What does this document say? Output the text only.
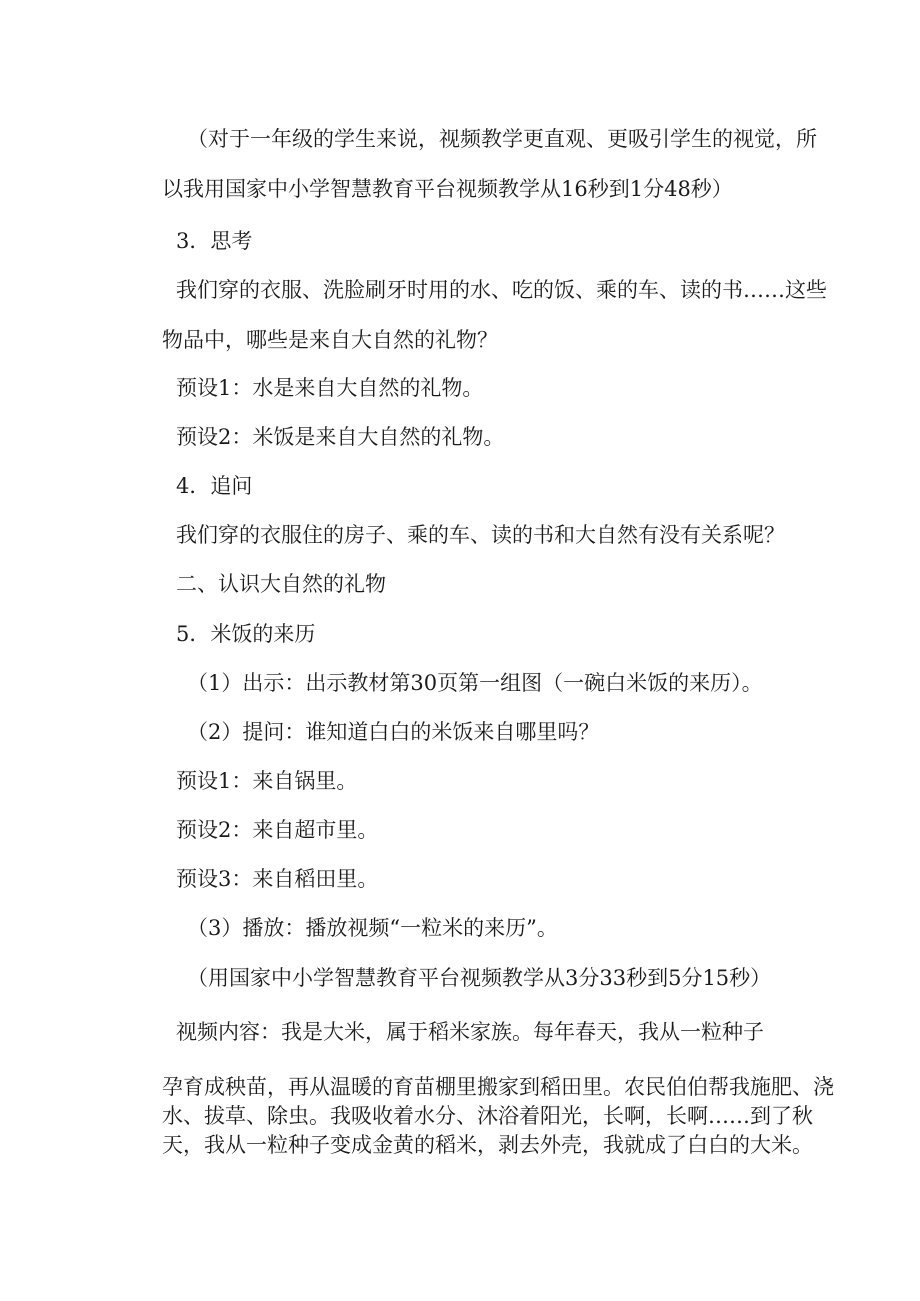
（对于一年级的学生来说，视频教学更直观、更吸引学生的视觉，所
以我用国家中小学智慧教育平台视频教学从16秒到1分48秒）
3．思考
我们穿的衣服、洗脸刷牙时用的水、吃的饭、乘的车、读的书……这些
物品中，哪些是来自大自然的礼物？
预设1：水是来自大自然的礼物。
预设2：米饭是来自大自然的礼物。
4．追问
我们穿的衣服住的房子、乘的车、读的书和大自然有没有关系呢？
二、认识大自然的礼物
5．米饭的来历
（1）出示：出示教材第30页第一组图（一碗白米饭的来历）。
（2）提问：谁知道白白的米饭来自哪里吗？
预设1：来自锅里。
预设2：来自超市里。
预设3：来自稻田里。
（3）播放：播放视频“一粒米的来历”。
（用国家中小学智慧教育平台视频教学从3分33秒到5分15秒）
视频内容：我是大米，属于稻米家族。每年春天，我从一粒种子
孕育成秧苗，再从温暖的育苗棚里搬家到稻田里。农民伯伯帮我施肥、浇
水、拔草、除虫。我吸收着水分、沐浴着阳光，长啊，长啊……到了秋
天，我从一粒种子变成金黄的稻米，剥去外壳，我就成了白白的大米。
